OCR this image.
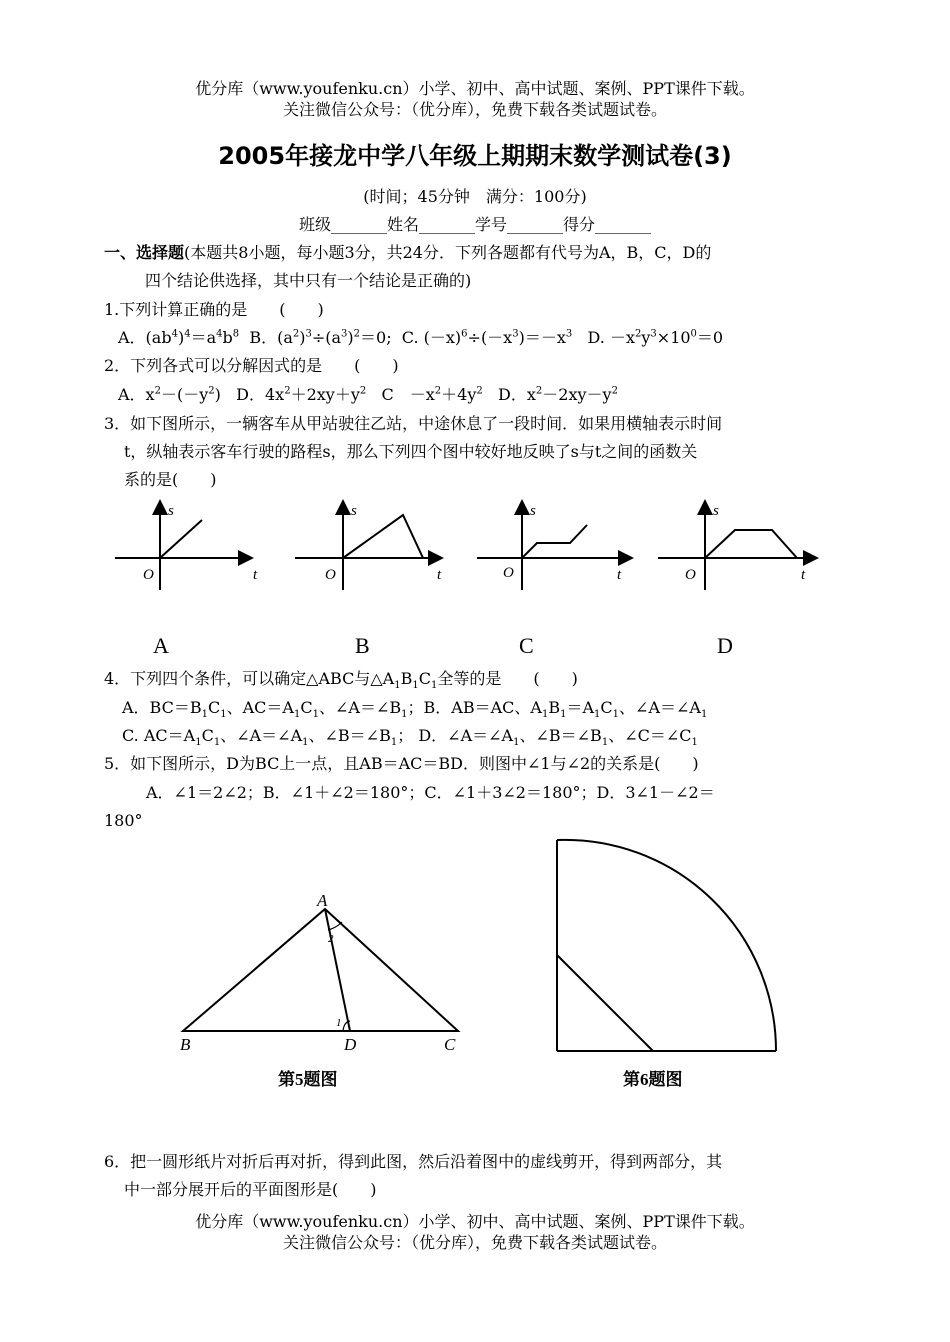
优分库（www.youfenku.cn）小学、初中、高中试题、案例、PPT课件下载。
关注微信公众号：（优分库），免费下载各类试题试卷。
2005年接龙中学八年级上期期末数学测试卷(3)
(时间；45分钟　满分：100分)
班级_______姓名_______学号_______得分_______
一、选择题(本题共8小题，每小题3分，共24分．下列各题都有代号为A，B，C，D的
四个结论供选择，其中只有一个结论是正确的)
1.下列计算正确的是　　(　　)
A．$(ab^4)^4=a^4b^8$ B．$(a^2)^3\div(a^3)^2=0$; C. $(-x)^6\div(-x^3)=-x^3$ D. $-x^2y^3\times 10^0=0$
2．下列各式可以分解因式的是　　(　　)
A．$x^2-(-y^2)$ D．$4x^2+2xy+y^2$ C　$-x^2+4y^2$ D．$x^2-2xy-y^2$
3．如下图所示，一辆客车从甲站驶往乙站，中途休息了一段时间．如果用横轴表示时间
t，纵轴表示客车行驶的路程s，那么下列四个图中较好地反映了s与t之间的函数关
系的是(　　)
s
t
O
s
t
O
s
t
O
s
t
O
A	B	C	D
4．下列四个条件，可以确定△ABC与$\triangle A_1B_1C_1$全等的是　　(　　)
A．$BC=B_1C_1$、$AC=A_1C_1$、$\angle A=\angle B_1$；B．AB＝AC、$A_1B_1=A_1C_1$、$\angle A=\angle A_1$
C. $AC=A_1C_1$、$\angle A=\angle A_1$、$\angle B=\angle B_1$； D．$\angle A=\angle A_1$、$\angle B=\angle B_1$、$\angle C=\angle C_1$
5．如下图所示，D为BC上一点，且AB＝AC＝BD．则图中∠1与∠2的关系是(　　)
A．∠1＝2∠2；B．∠1＋∠2＝180°；C．∠1＋3∠2＝180°；D．3∠1－∠2＝
180°
A
B	D	C
2
1
第5题图	第6题图
6．把一圆形纸片对折后再对折，得到此图，然后沿着图中的虚线剪开，得到两部分，其
中一部分展开后的平面图形是(　　)
优分库（www.youfenku.cn）小学、初中、高中试题、案例、PPT课件下载。
关注微信公众号：（优分库），免费下载各类试题试卷。
